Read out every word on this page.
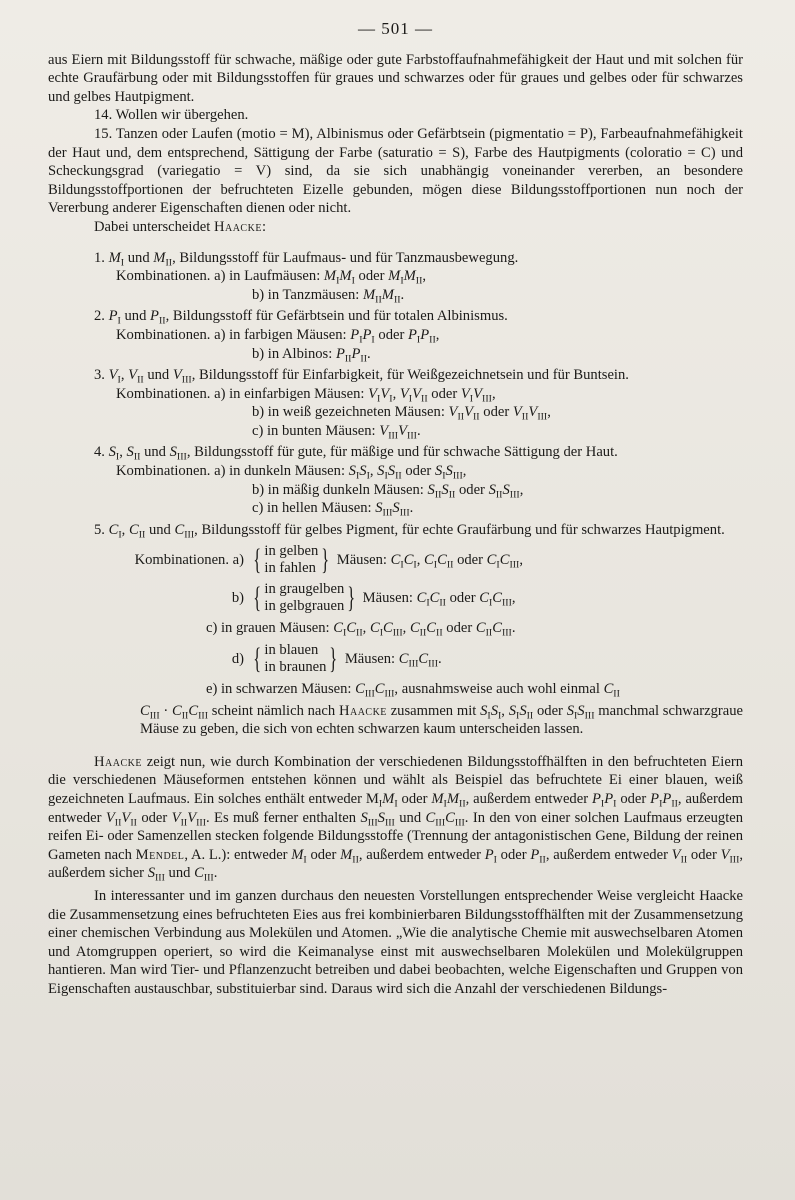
— 501 —

aus Eiern mit Bildungsstoff für schwache, mäßige oder gute Farbstoffaufnahmefähigkeit der Haut und mit solchen für echte Graufärbung oder mit Bildungsstoffen für graues und schwarzes oder für graues und gelbes oder für schwarzes und gelbes Hautpigment.

14. Wollen wir übergehen.

15. Tanzen oder Laufen (motio = M), Albinismus oder Gefärbtsein (pigmentatio = P), Farbeaufnahmefähigkeit der Haut und, dem entsprechend, Sättigung der Farbe (saturatio = S), Farbe des Hautpigments (coloratio = C) und Scheckungsgrad (variegatio = V) sind, da sie sich unabhängig voneinander vererben, an besondere Bildungsstoffportionen der befruchteten Eizelle gebunden, mögen diese Bildungsstoffportionen nun noch der Vererbung anderer Eigenschaften dienen oder nicht.

Dabei unterscheidet Haacke:

1. $M_I$ und $M_{II}$, Bildungsstoff für Laufmaus- und für Tanzmausbewegung.
Kombinationen. a) in Laufmäusen: $M_IM_I$ oder $M_IM_{II}$,
b) in Tanzmäusen: $M_{II}M_{II}$.
2. $P_I$ und $P_{II}$, Bildungsstoff für Gefärbtsein und für totalen Albinismus.
Kombinationen. a) in farbigen Mäusen: $P_IP_I$ oder $P_IP_{II}$,
b) in Albinos: $P_{II}P_{II}$.
3. $V_I$, $V_{II}$ und $V_{III}$, Bildungsstoff für Einfarbigkeit, für Weißgezeichnetsein und für Buntsein.
Kombinationen. a) in einfarbigen Mäusen: $V_IV_I$, $V_IV_{II}$ oder $V_IV_{III}$,
b) in weiß gezeichneten Mäusen: $V_{II}V_{II}$ oder $V_{II}V_{III}$,
c) in bunten Mäusen: $V_{III}V_{III}$.
4. $S_I$, $S_{II}$ und $S_{III}$, Bildungsstoff für gute, für mäßige und für schwache Sättigung der Haut.
Kombinationen. a) in dunkeln Mäusen: $S_IS_I$, $S_IS_{II}$ oder $S_IS_{III}$,
b) in mäßig dunkeln Mäusen: $S_{II}S_{II}$ oder $S_{II}S_{III}$,
c) in hellen Mäusen: $S_{III}S_{III}$.
5. $C_I$, $C_{II}$ und $C_{III}$, Bildungsstoff für gelbes Pigment, für echte Graufärbung und für schwarzes Hautpigment.
Kombinationen. a) { in gelben
in fahlen } Mäusen: $C_IC_I$, $C_IC_{II}$ oder $C_IC_{III}$,
b) { in graugelben
in gelbgrauen } Mäusen: $C_IC_{II}$ oder $C_IC_{III}$,
c) in grauen Mäusen: $C_IC_{II}$, $C_IC_{III}$, $C_{II}C_{II}$ oder $C_{II}C_{III}$.
d) { in blauen
in braunen } Mäusen: $C_{III}C_{III}$.
e) in schwarzen Mäusen: $C_{III}C_{III}$, ausnahmsweise auch wohl einmal $C_{II}$
$C_{III} \cdot C_{II}C_{III}$ scheint nämlich nach Haacke zusammen mit $S_IS_I$, $S_IS_{II}$ oder $S_IS_{III}$ manchmal schwarzgraue Mäuse zu geben, die sich von echten schwarzen kaum unterscheiden lassen.

Haacke zeigt nun, wie durch Kombination der verschiedenen Bildungsstoffhälften in den befruchteten Eiern die verschiedenen Mäuseformen entstehen können und wählt als Beispiel das befruchtete Ei einer blauen, weiß gezeichneten Laufmaus. Ein solches enthält entweder $M_IM_I$ oder $M_IM_{II}$, außerdem entweder $P_IP_I$ oder $P_IP_{II}$, außerdem entweder $V_{II}V_{II}$ oder $V_{II}V_{III}$. Es muß ferner enthalten $S_{III}S_{III}$ und $C_{III}C_{III}$. In den von einer solchen Laufmaus erzeugten reifen Ei- oder Samenzellen stecken folgende Bildungsstoffe (Trennung der antagonistischen Gene, Bildung der reinen Gameten nach Mendel, A. L.): entweder $M_I$ oder $M_{II}$, außerdem entweder $P_I$ oder $P_{II}$, außerdem entweder $V_{II}$ oder $V_{III}$, außerdem sicher $S_{III}$ und $C_{III}$.

In interessanter und im ganzen durchaus den neuesten Vorstellungen entsprechender Weise vergleicht Haacke die Zusammensetzung eines befruchteten Eies aus frei kombinierbaren Bildungsstoffhälften mit der Zusammensetzung einer chemischen Verbindung aus Molekülen und Atomen. „Wie die analytische Chemie mit auswechselbaren Atomen und Atomgruppen operiert, so wird die Keimanalyse einst mit auswechselbaren Molekülen und Molekülgruppen hantieren. Man wird Tier- und Pflanzenzucht betreiben und dabei beobachten, welche Eigenschaften und Gruppen von Eigenschaften austauschbar, substituierbar sind. Daraus wird sich die Anzahl der verschiedenen Bildungs-
